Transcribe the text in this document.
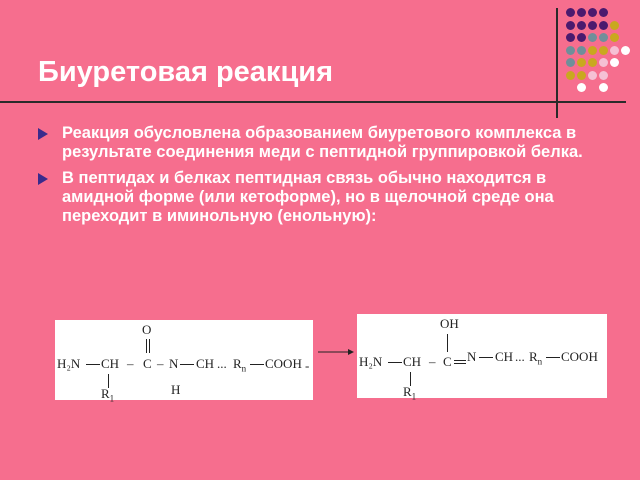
Биуретовая реакция
Реакция обусловлена образованием биуретового комплекса в результате соединения меди с пептидной группировкой белка.
В пептидах и белках пептидная связь обычно находится в амидной форме (или кетоформе), но в щелочной среде она переходит в иминольную (енольную):
O
H₂N CH – C – N CH ... $R_n$ COOH
$R_1$
H
-
OH
H₂N CH – C N CH ... $R_n$ COOH
$R_1$
